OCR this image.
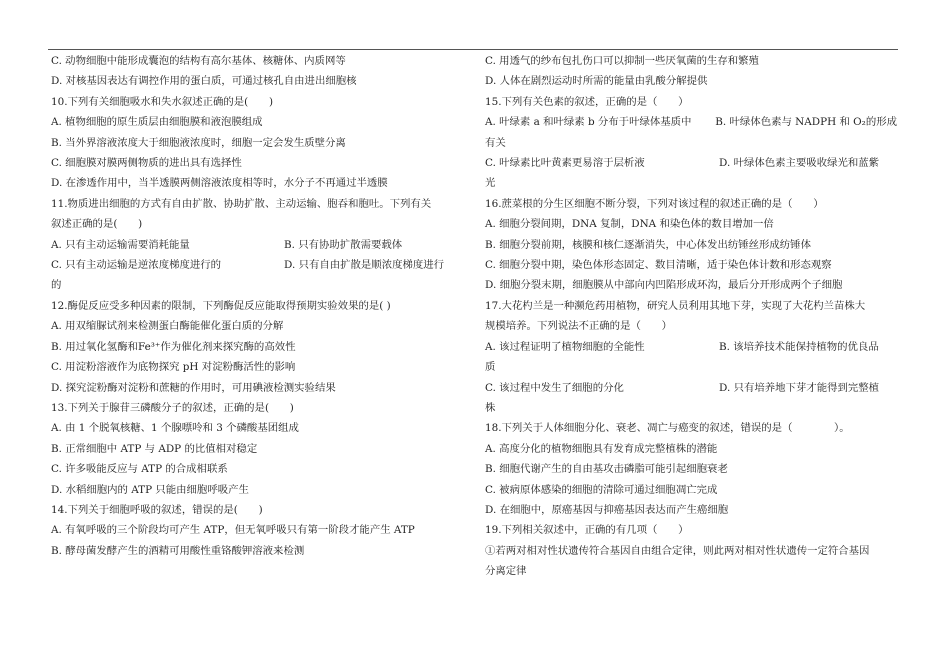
C. 动物细胞中能形成囊泡的结构有高尔基体、核糖体、内质网等
D. 对核基因表达有调控作用的蛋白质，可通过核孔自由进出细胞核
10.下列有关细胞吸水和失水叙述正确的是(　　)
A. 植物细胞的原生质层由细胞膜和液泡膜组成
B. 当外界溶液浓度大于细胞液浓度时，细胞一定会发生质壁分离
C. 细胞膜对膜两侧物质的进出具有选择性
D. 在渗透作用中，当半透膜两侧溶液浓度相等时，水分子不再通过半透膜
11.物质进出细胞的方式有自由扩散、协助扩散、主动运输、胞吞和胞吐。下列有关
叙述正确的是(　　)
A. 只有主动运输需要消耗能量	B. 只有协助扩散需要载体
C. 只有主动运输是逆浓度梯度进行的	D. 只有自由扩散是顺浓度梯度进行
的
12.酶促反应受多种因素的限制，下列酶促反应能取得预期实验效果的是( )
A. 用双缩脲试剂来检测蛋白酶能催化蛋白质的分解
B. 用过氧化氢酶和Fe³⁺作为催化剂来探究酶的高效性
C. 用淀粉溶液作为底物探究 pH 对淀粉酶活性的影响
D. 探究淀粉酶对淀粉和蔗糖的作用时，可用碘液检测实验结果
13.下列关于腺苷三磷酸分子的叙述，正确的是(　　)
A. 由 1 个脱氧核糖、1 个腺嘌呤和 3 个磷酸基团组成
B. 正常细胞中 ATP 与 ADP 的比值相对稳定
C. 许多吸能反应与 ATP 的合成相联系
D. 水稻细胞内的 ATP 只能由细胞呼吸产生
14.下列关于细胞呼吸的叙述，错误的是(　　)
A. 有氧呼吸的三个阶段均可产生 ATP，但无氧呼吸只有第一阶段才能产生 ATP
B. 酵母菌发酵产生的酒精可用酸性重铬酸钾溶液来检测
C. 用透气的纱布包扎伤口可以抑制一些厌氧菌的生存和繁殖
D. 人体在剧烈运动时所需的能量由乳酸分解提供
15.下列有关色素的叙述，正确的是（　　）
A. 叶绿素 a 和叶绿素 b 分布于叶绿体基质中	B. 叶绿体色素与 NADPH 和 O₂的形成
有关
C. 叶绿素比叶黄素更易溶于层析液	D. 叶绿体色素主要吸收绿光和蓝紫
光
16.蔗菜根的分生区细胞不断分裂，下列对该过程的叙述正确的是（　　）
A. 细胞分裂间期，DNA 复制，DNA 和染色体的数目增加一倍
B. 细胞分裂前期，核膜和核仁逐渐消失，中心体发出纺锤丝形成纺锤体
C. 细胞分裂中期，染色体形态固定、数目清晰，适于染色体计数和形态观察
D. 细胞分裂末期，细胞膜从中部向内凹陷形成环沟，最后分开形成两个子细胞
17.大花杓兰是一种濒危药用植物，研究人员利用其地下芽，实现了大花杓兰苗株大
规模培养。下列说法不正确的是（　　）
A. 该过程证明了植物细胞的全能性	B. 该培养技术能保持植物的优良品
质
C. 该过程中发生了细胞的分化	D. 只有培养地下芽才能得到完整植
株
18.下列关于人体细胞分化、衰老、凋亡与癌变的叙述，错误的是（　　　　）。
A. 高度分化的植物细胞具有发育成完整植株的潜能
B. 细胞代谢产生的自由基攻击磷脂可能引起细胞衰老
C. 被病原体感染的细胞的清除可通过细胞凋亡完成
D. 在细胞中，原癌基因与抑癌基因表达而产生癌细胞
19.下列相关叙述中，正确的有几项（　　）
①若两对相对性状遗传符合基因自由组合定律，则此两对相对性状遗传一定符合基因
分离定律
